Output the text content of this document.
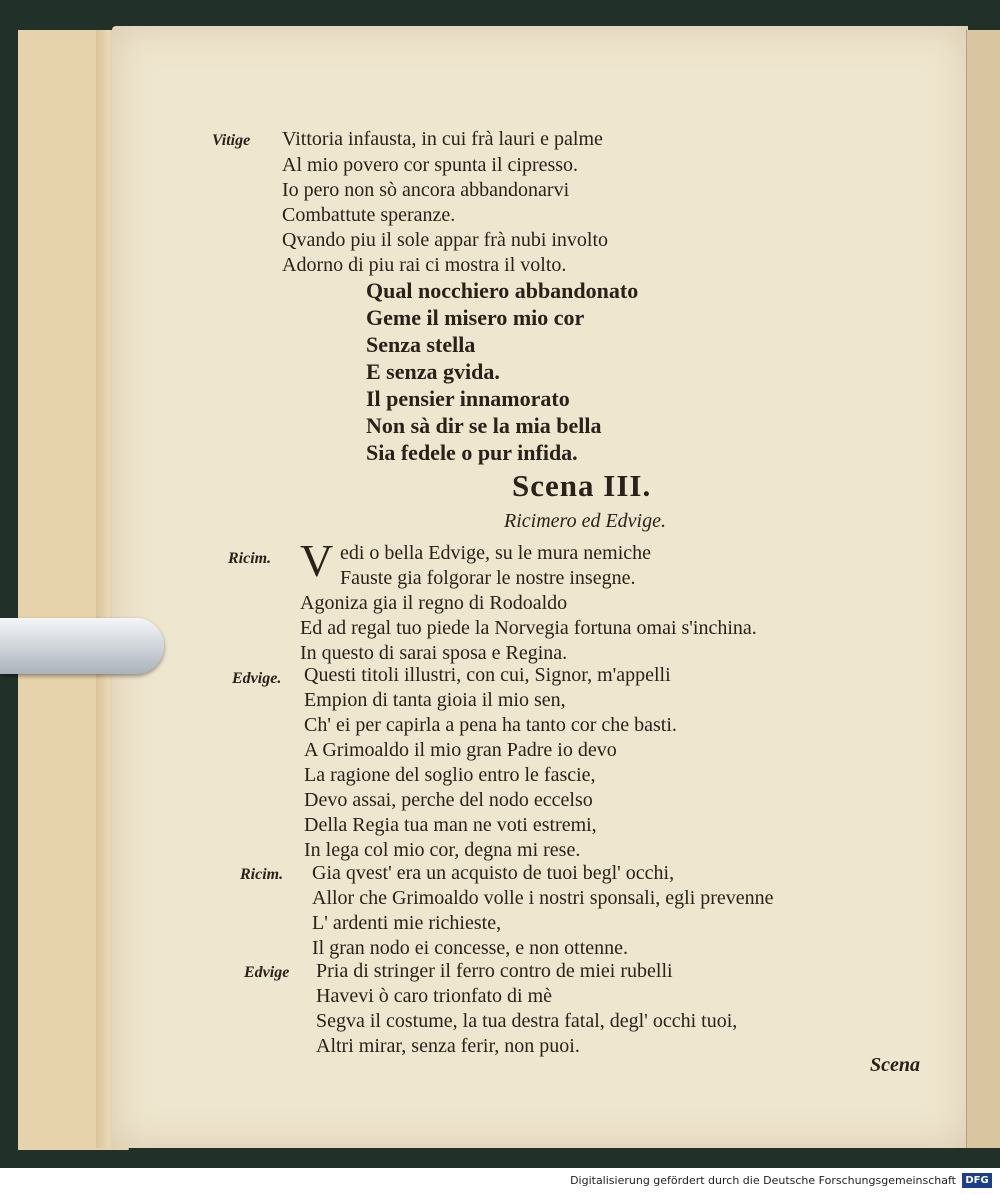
Vitige Vittoria infausta, in cui frà lauri e palme
Al mio povero cor spunta il cipresso.
Io pero non sò ancora abbandonarvi
Combattute speranze.
Qvando piu il sole appar frà nubi involto
Adorno di piu rai ci mostra il volto.
Qual nocchiero abbandonato
Geme il misero mio cor
Senza stella
E senza gvida.
Il pensier innamorato
Non sà dir se la mia bella
Sia fedele o pur infida.
Scena III.
Ricimero ed Edvige.
Ricim. V edi o bella Edvige, su le mura nemiche
Fauste gia folgorar le nostre insegne.
Agoniza gia il regno di Rodoaldo
Ed ad regal tuo piede la Norvegia fortuna omai s'inchina.
In questo di sarai sposa e Regina.
Edvige. Questi titoli illustri, con cui, Signor, m'appelli
Empion di tanta gioia il mio sen,
Ch' ei per capirla a pena ha tanto cor che basti.
A Grimoaldo il mio gran Padre io devo
La ragione del soglio entro le fascie,
Devo assai, perche del nodo eccelso
Della Regia tua man ne voti estremi,
In lega col mio cor, degna mi rese.
Ricim. Gia qvest' era un acquisto de tuoi begl' occhi,
Allor che Grimoaldo volle i nostri sponsali, egli prevenne
L' ardenti mie richieste,
Il gran nodo ei concesse, e non ottenne.
Edvige Pria di stringer il ferro contro de miei rubelli
Havevi ò caro trionfato di mè
Segva il costume, la tua destra fatal, degl' occhi tuoi,
Altri mirar, senza ferir, non puoi.
Scena
Digitalisierung gefördert durch die Deutsche Forschungsgemeinschaft DFG
